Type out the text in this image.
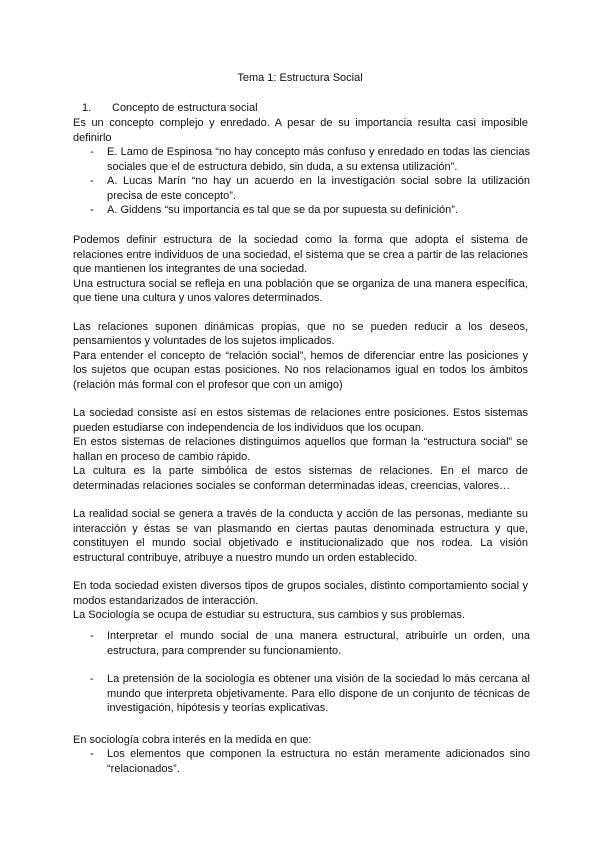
Tema 1: Estructura Social
1. Concepto de estructura social

Es un concepto complejo y enredado. A pesar de su importancia resulta casi imposible definirlo

- E. Lamo de Espinosa “no hay concepto más confuso y enredado en todas las ciencias sociales que el de estructura debido, sin duda, a su extensa utilización”.
- A. Lucas Marín “no hay un acuerdo en la investigación social sobre la utilización precisa de este concepto”.
- A. Giddens “su importancia es tal que se da por supuesta su definición”.

Podemos definir estructura de la sociedad como la forma que adopta el sistema de relaciones entre individuos de una sociedad, el sistema que se crea a partir de las relaciones que mantienen los integrantes de una sociedad.

Una estructura social se refleja en una población que se organiza de una manera específica, que tiene una cultura y unos valores determinados.

Las relaciones suponen dinámicas propias, que no se pueden reducir a los deseos, pensamientos y voluntades de los sujetos implicados.

Para entender el concepto de “relación social”, hemos de diferenciar entre las posiciones y los sujetos que ocupan estas posiciones. No nos relacionamos igual en todos los ámbitos (relación más formal con el profesor que con un amigo)

La sociedad consiste así en estos sistemas de relaciones entre posiciones. Estos sistemas pueden estudiarse con independencia de los individuos que los ocupan.

En estos sistemas de relaciones distinguimos aquellos que forman la “estructura social” se hallan en proceso de cambio rápido.

La cultura es la parte simbólica de estos sistemas de relaciones. En el marco de determinadas relaciones sociales se conforman determinadas ideas, creencias, valores…

La realidad social se genera a través de la conducta y acción de las personas, mediante su interacción y éstas se van plasmando en ciertas pautas denominada estructura y que, constituyen el mundo social objetivado e institucionalizado que nos rodea. La visión estructural contribuye, atribuye a nuestro mundo un orden establecido.

En toda sociedad existen diversos tipos de grupos sociales, distinto comportamiento social y modos estandarizados de interacción.

La Sociología se ocupa de estudiar su estructura, sus cambios y sus problemas.

- Interpretar el mundo social de una manera estructural, atribuirle un orden, una estructura, para comprender su funcionamiento.
- La pretensión de la sociología es obtener una visión de la sociedad lo más cercana al mundo que interpreta objetivamente. Para ello dispone de un conjunto de técnicas de investigación, hipótesis y teorías explicativas.

En sociología cobra interés en la medida en que:

- Los elementos que componen la estructura no están meramente adicionados sino “relacionados”.
